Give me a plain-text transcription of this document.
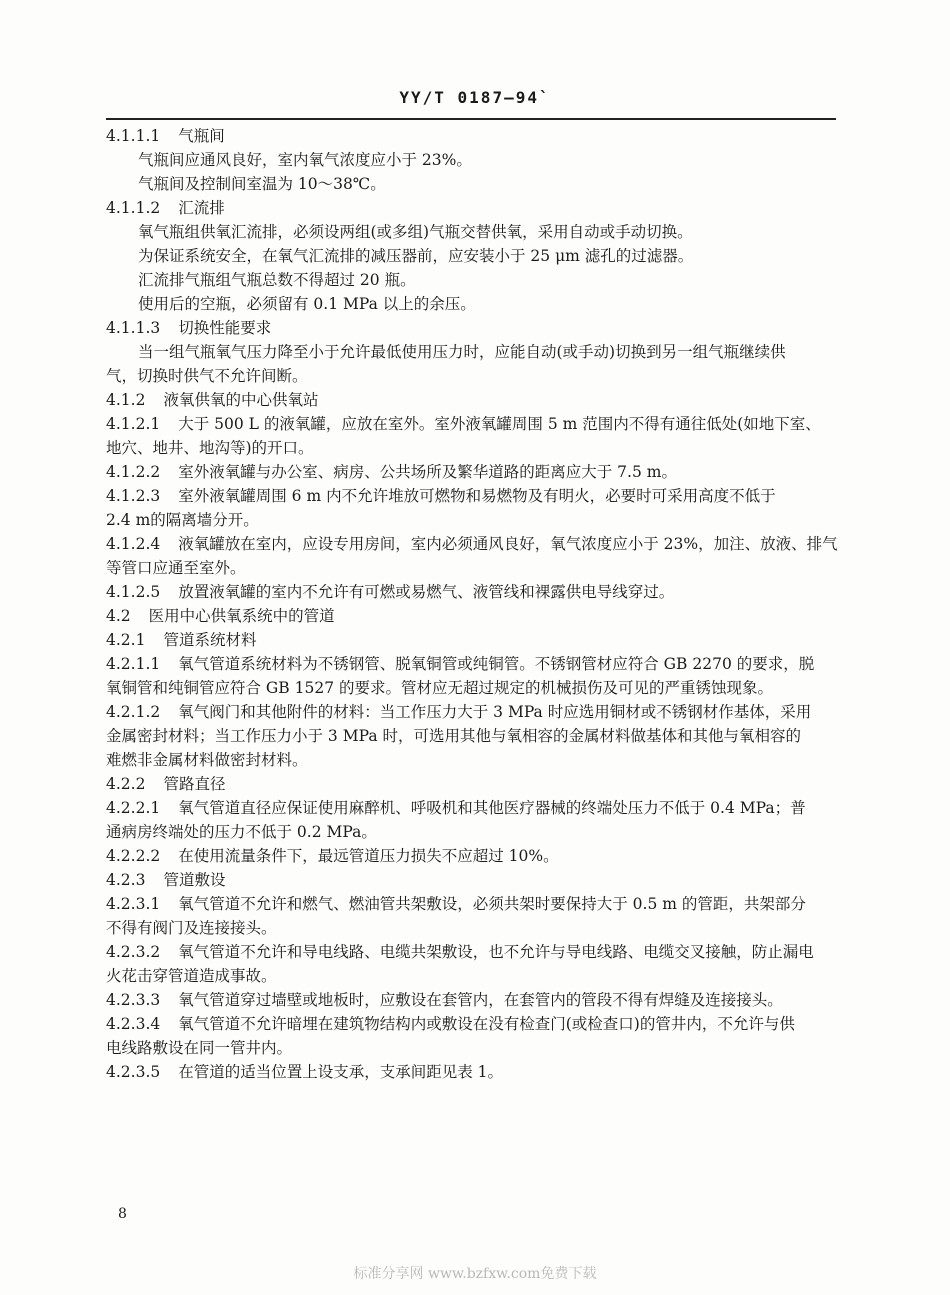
YY/T 0187—94`

4.1.1.1 气瓶间

气瓶间应通风良好，室内氧气浓度应小于 23%。

气瓶间及控制间室温为 10～38℃。

4.1.1.2 汇流排

氧气瓶组供氧汇流排，必须设两组(或多组)气瓶交替供氧，采用自动或手动切换。

为保证系统安全，在氧气汇流排的减压器前，应安装小于 25 μm 滤孔的过滤器。

汇流排气瓶组气瓶总数不得超过 20 瓶。

使用后的空瓶，必须留有 0.1 MPa 以上的余压。

4.1.1.3 切换性能要求

当一组气瓶氧气压力降至小于允许最低使用压力时，应能自动(或手动)切换到另一组气瓶继续供

气，切换时供气不允许间断。

4.1.2 液氧供氧的中心供氧站

4.1.2.1 大于 500 L 的液氧罐，应放在室外。室外液氧罐周围 5 m 范围内不得有通往低处(如地下室、

地穴、地井、地沟等)的开口。

4.1.2.2 室外液氧罐与办公室、病房、公共场所及繁华道路的距离应大于 7.5 m。

4.1.2.3 室外液氧罐周围 6 m 内不允许堆放可燃物和易燃物及有明火，必要时可采用高度不低于

2.4 m的隔离墙分开。

4.1.2.4 液氧罐放在室内，应设专用房间，室内必须通风良好，氧气浓度应小于 23%，加注、放液、排气

等管口应通至室外。

4.1.2.5 放置液氧罐的室内不允许有可燃或易燃气、液管线和裸露供电导线穿过。

4.2 医用中心供氧系统中的管道

4.2.1 管道系统材料

4.2.1.1 氧气管道系统材料为不锈钢管、脱氧铜管或纯铜管。不锈钢管材应符合 GB 2270 的要求，脱

氧铜管和纯铜管应符合 GB 1527 的要求。管材应无超过规定的机械损伤及可见的严重锈蚀现象。

4.2.1.2 氧气阀门和其他附件的材料：当工作压力大于 3 MPa 时应选用铜材或不锈钢材作基体，采用

金属密封材料；当工作压力小于 3 MPa 时，可选用其他与氧相容的金属材料做基体和其他与氧相容的

难燃非金属材料做密封材料。

4.2.2 管路直径

4.2.2.1 氧气管道直径应保证使用麻醉机、呼吸机和其他医疗器械的终端处压力不低于 0.4 MPa；普

通病房终端处的压力不低于 0.2 MPa。

4.2.2.2 在使用流量条件下，最远管道压力损失不应超过 10%。

4.2.3 管道敷设

4.2.3.1 氧气管道不允许和燃气、燃油管共架敷设，必须共架时要保持大于 0.5 m 的管距，共架部分

不得有阀门及连接接头。

4.2.3.2 氧气管道不允许和导电线路、电缆共架敷设，也不允许与导电线路、电缆交叉接触，防止漏电

火花击穿管道造成事故。

4.2.3.3 氧气管道穿过墙壁或地板时，应敷设在套管内，在套管内的管段不得有焊缝及连接接头。

4.2.3.4 氧气管道不允许暗埋在建筑物结构内或敷设在没有检查门(或检查口)的管井内，不允许与供

电线路敷设在同一管井内。

4.2.3.5 在管道的适当位置上设支承，支承间距见表 1。

8
标准分享网 www.bzfxw.com免费下载
